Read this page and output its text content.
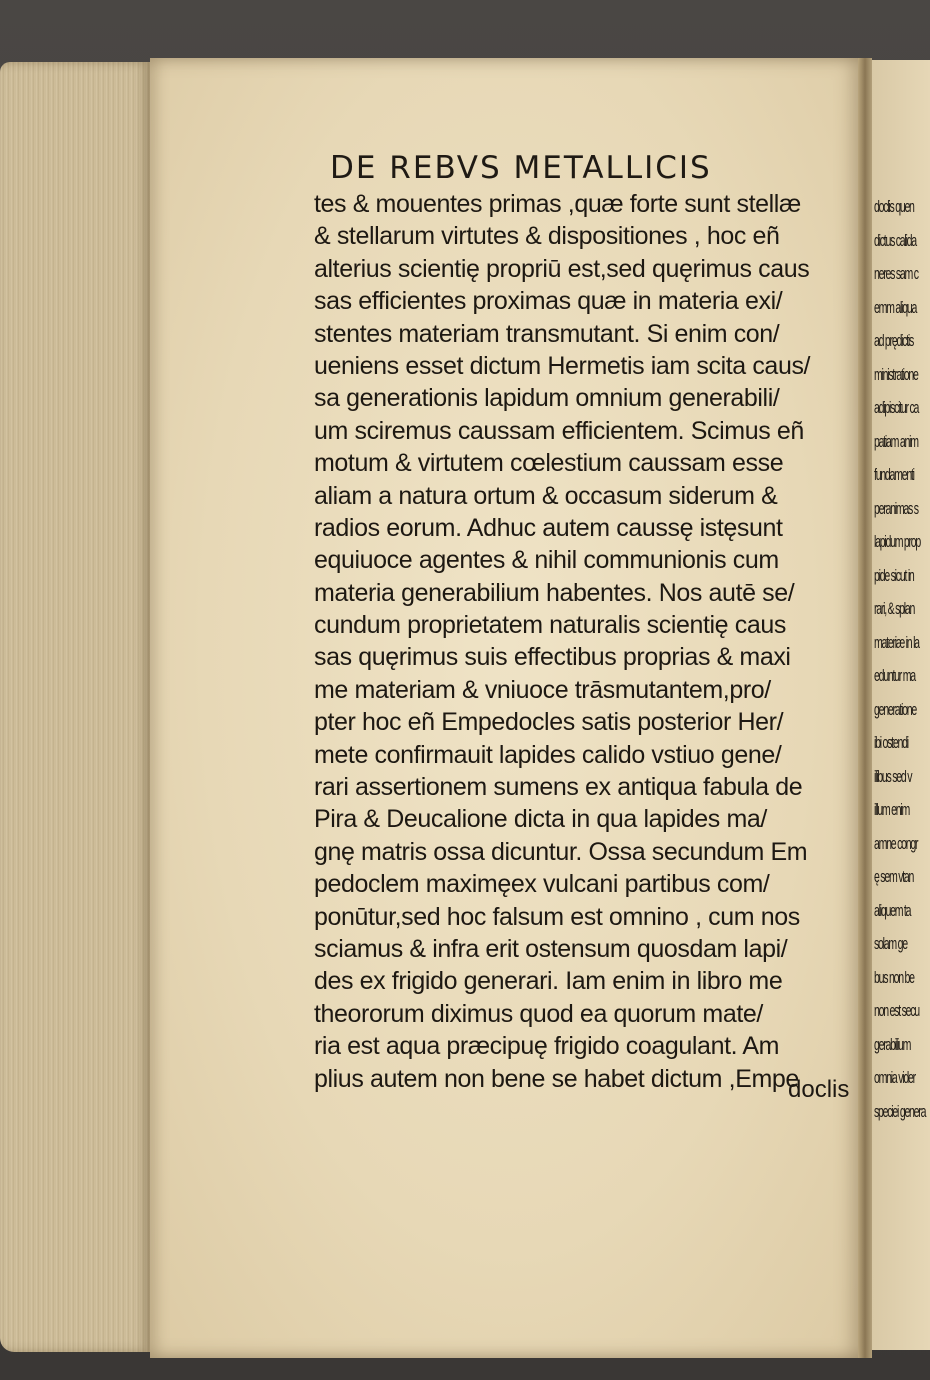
DE REBVS METALLICIS
tes & mouentes primas ,quæ forte sunt stellæ
& stellarum virtutes & dispositiones , hoc eñ
alterius scientię propriū est,sed quęrimus caus
sas efficientes proximas quæ in materia exi/
stentes materiam transmutant. Si enim con/
ueniens esset dictum Hermetis iam scita caus/
sa generationis lapidum omnium generabili/
um sciremus caussam efficientem. Scimus eñ
motum & virtutem cœlestium caussam esse
aliam a natura ortum & occasum siderum &
radios eorum. Adhuc autem caussę istęsunt
equiuoce agentes & nihil communionis cum
materia generabilium habentes. Nos autē se/
cundum proprietatem naturalis scientię caus
sas quęrimus suis effectibus proprias & maxi
me materiam & vniuoce trāsmutantem,pro/
pter hoc eñ Empedocles satis posterior Her/
mete confirmauit lapides calido vstiuo gene/
rari assertionem sumens ex antiqua fabula de
Pira & Deucalione dicta in qua lapides ma/
gnę matris ossa dicuntur. Ossa secundum Em
pedoclem maximęex vulcani partibus com/
ponūtur,sed hoc falsum est omnino , cum nos
sciamus & infra erit ostensum quosdam lapi/
des ex frigido generari. Iam enim in libro me
theororum diximus quod ea quorum mate/
ria est aqua præcipuę frigido coagulant. Am
plius autem non bene se habet dictum ,Empe
doclis
doclis quen
dictus calida
neres sam c
emm aliqua
ad prędictis
ministratione
adipiscitur ca
patiam anim
fundamenti
peranimas s
lapidum prop
pide sicut in
rari, & splan
materiæ in la
eduntur ma
generatione
ibi ostendi
ilibus sed v
illum enim
amne congr
ę sem vtan
aliquem ta
solam ge
bus non be
non est secu
gerabilium
omnia vider
speciei genera
